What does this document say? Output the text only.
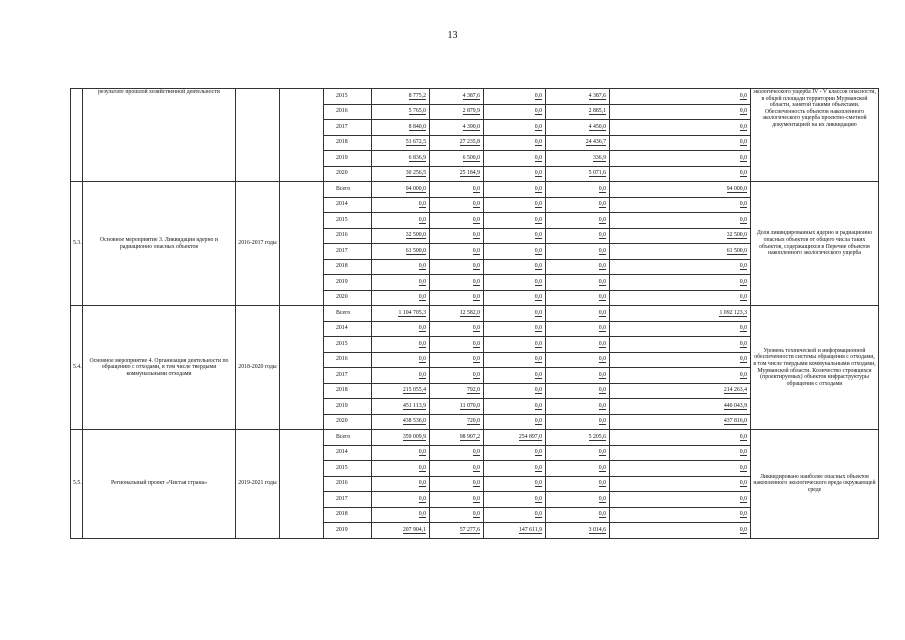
13
	результате прошлой хозяйственной деятельности			2015	8 775,2	4 387,6	0,0	4 387,6	0,0	экологического ущерба IV - V классов опасности, в общей площади территории Мурманской области, занятой такими объектами. Обеспеченность объектов накопленного экологического ущерба проектно-сметной документацией на их ликвидацию	
				2016	5 765,0	2 879,9	0,0	2 885,1	0,0		
				2017	8 840,0	4 390,0	0,0	4 450,0	0,0		
				2018	51 672,5	27 235,8	0,0	24 436,7	0,0		
				2019	6 836,9	6 500,0	0,0	336,9	0,0		
				2020	30 256,5	25 184,9	0,0	5 071,6	0,0		
5.3.	Основное мероприятие 3. Ликвидация ядерно и радиационно опасных объектов	2016-2017 годы		Всего	94 000,0	0,0	0,0	0,0	94 000,0	Доля ликвидированных ядерно и радиационно опасных объектов от общего числа таких объектов, содержащихся в Перечне объектов накопленного экологического ущерба	
				2014	0,0	0,0	0,0	0,0	0,0		
				2015	0,0	0,0	0,0	0,0	0,0		
				2016	32 500,0	0,0	0,0	0,0	32 500,0		
				2017	61 500,0	0,0	0,0	0,0	61 500,0		
				2018	0,0	0,0	0,0	0,0	0,0		
				2019	0,0	0,0	0,0	0,0	0,0		
				2020	0,0	0,0	0,0	0,0	0,0		
5.4.	Основное мероприятие 4. Организация деятельности по обращению с отходами, в том числе твердыми коммунальными отходами	2018-2020 годы		Всего	1 104 705,3	12 582,0	0,0	0,0	1 092 123,3	Уровень технической и информационной обеспеченности системы обращения с отходами, в том числе твердыми коммунальными отходами, Мурманской области. Количество строящихся (проектируемых) объектов инфраструктуры обращения с отходами	
				2014	0,0	0,0	0,0	0,0	0,0		
				2015	0,0	0,0	0,0	0,0	0,0		
				2016	0,0	0,0	0,0	0,0	0,0		
				2017	0,0	0,0	0,0	0,0	0,0		
				2018	215 055,4	792,0	0,0	0,0	214 263,4		
				2019	451 113,9	11 070,0	0,0	0,0	440 043,9		
				2020	438 536,0	720,0	0,0	0,0	437 816,0		
5.5.	Региональный проект «Чистая страна»	2019-2021 годы		Всего	359 009,9	98 907,2	254 897,0	5 205,6	0,0	Ликвидировано наиболее опасных объектов накопленного экологического вреда окружающей среде	
				2014	0,0	0,0	0,0	0,0	0,0		
				2015	0,0	0,0	0,0	0,0	0,0		
				2016	0,0	0,0	0,0	0,0	0,0		
				2017	0,0	0,0	0,0	0,0	0,0		
				2018	0,0	0,0	0,0	0,0	0,0		
				2019	207 904,1	57 277,6	147 611,9	3 014,6	0,0		
